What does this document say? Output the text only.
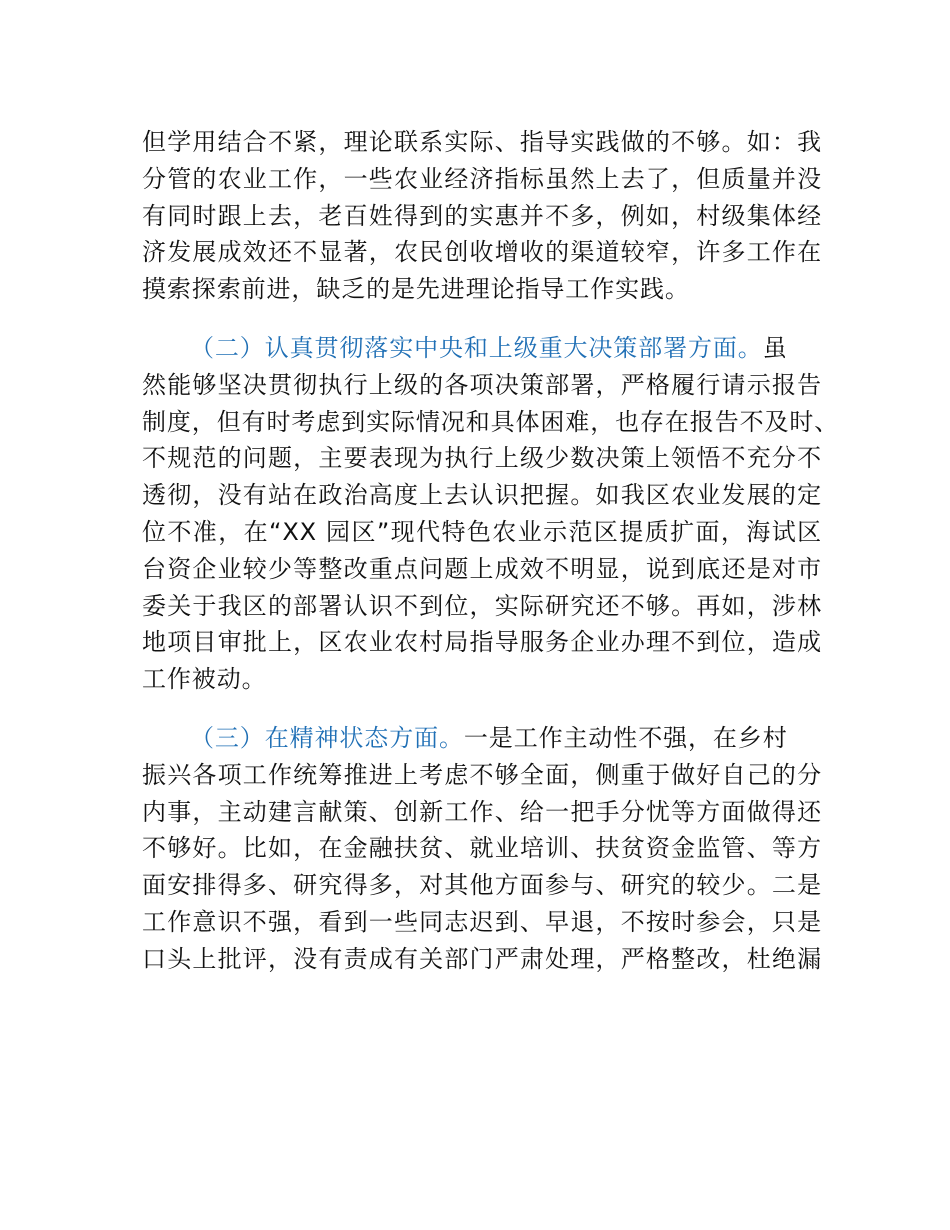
但学用结合不紧，理论联系实际、指导实践做的不够。如：我
分管的农业工作，一些农业经济指标虽然上去了，但质量并没
有同时跟上去，老百姓得到的实惠并不多，例如，村级集体经
济发展成效还不显著，农民创收增收的渠道较窄，许多工作在
摸索探索前进，缺乏的是先进理论指导工作实践。
（二）认真贯彻落实中央和上级重大决策部署方面。虽
然能够坚决贯彻执行上级的各项决策部署，严格履行请示报告
制度，但有时考虑到实际情况和具体困难，也存在报告不及时、
不规范的问题，主要表现为执行上级少数决策上领悟不充分不
透彻，没有站在政治高度上去认识把握。如我区农业发展的定
位不准，在“XX 园区”现代特色农业示范区提质扩面，海试区
台资企业较少等整改重点问题上成效不明显，说到底还是对市
委关于我区的部署认识不到位，实际研究还不够。再如，涉林
地项目审批上，区农业农村局指导服务企业办理不到位，造成
工作被动。
（三）在精神状态方面。一是工作主动性不强，在乡村
振兴各项工作统筹推进上考虑不够全面，侧重于做好自己的分
内事，主动建言献策、创新工作、给一把手分忧等方面做得还
不够好。比如，在金融扶贫、就业培训、扶贫资金监管、等方
面安排得多、研究得多，对其他方面参与、研究的较少。二是
工作意识不强，看到一些同志迟到、早退，不按时参会，只是
口头上批评，没有责成有关部门严肃处理，严格整改，杜绝漏
